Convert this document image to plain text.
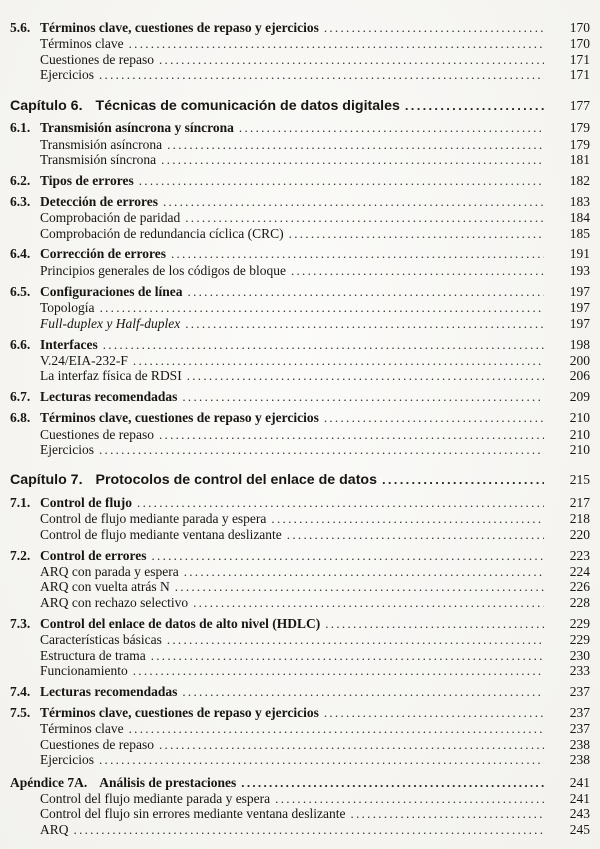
5.6. Términos clave, cuestiones de repaso y ejercicios .....	170
Términos clave .....	170
Cuestiones de repaso .....	171
Ejercicios .....	171
Capítulo 6. Técnicas de comunicación de datos digitales .....	177
6.1. Transmisión asíncrona y síncrona .....	179
Transmisión asíncrona .....	179
Transmisión síncrona .....	181
6.2. Tipos de errores .....	182
6.3. Detección de errores .....	183
Comprobación de paridad .....	184
Comprobación de redundancia cíclica (CRC) .....	185
6.4. Corrección de errores .....	191
Principios generales de los códigos de bloque .....	193
6.5. Configuraciones de línea .....	197
Topología .....	197
Full-duplex y Half-duplex .....	197
6.6. Interfaces .....	198
V.24/EIA-232-F .....	200
La interfaz física de RDSI .....	206
6.7. Lecturas recomendadas .....	209
6.8. Términos clave, cuestiones de repaso y ejercicios .....	210
Cuestiones de repaso .....	210
Ejercicios .....	210
Capítulo 7. Protocolos de control del enlace de datos .....	215
7.1. Control de flujo .....	217
Control de flujo mediante parada y espera .....	218
Control de flujo mediante ventana deslizante .....	220
7.2. Control de errores .....	223
ARQ con parada y espera .....	224
ARQ con vuelta atrás N .....	226
ARQ con rechazo selectivo .....	228
7.3. Control del enlace de datos de alto nivel (HDLC) .....	229
Características básicas .....	229
Estructura de trama .....	230
Funcionamiento .....	233
7.4. Lecturas recomendadas .....	237
7.5. Términos clave, cuestiones de repaso y ejercicios .....	237
Términos clave .....	237
Cuestiones de repaso .....	238
Ejercicios .....	238
Apéndice 7A. Análisis de prestaciones .....	241
Control del flujo mediante parada y espera .....	241
Control del flujo sin errores mediante ventana deslizante .....	243
ARQ .....	245
